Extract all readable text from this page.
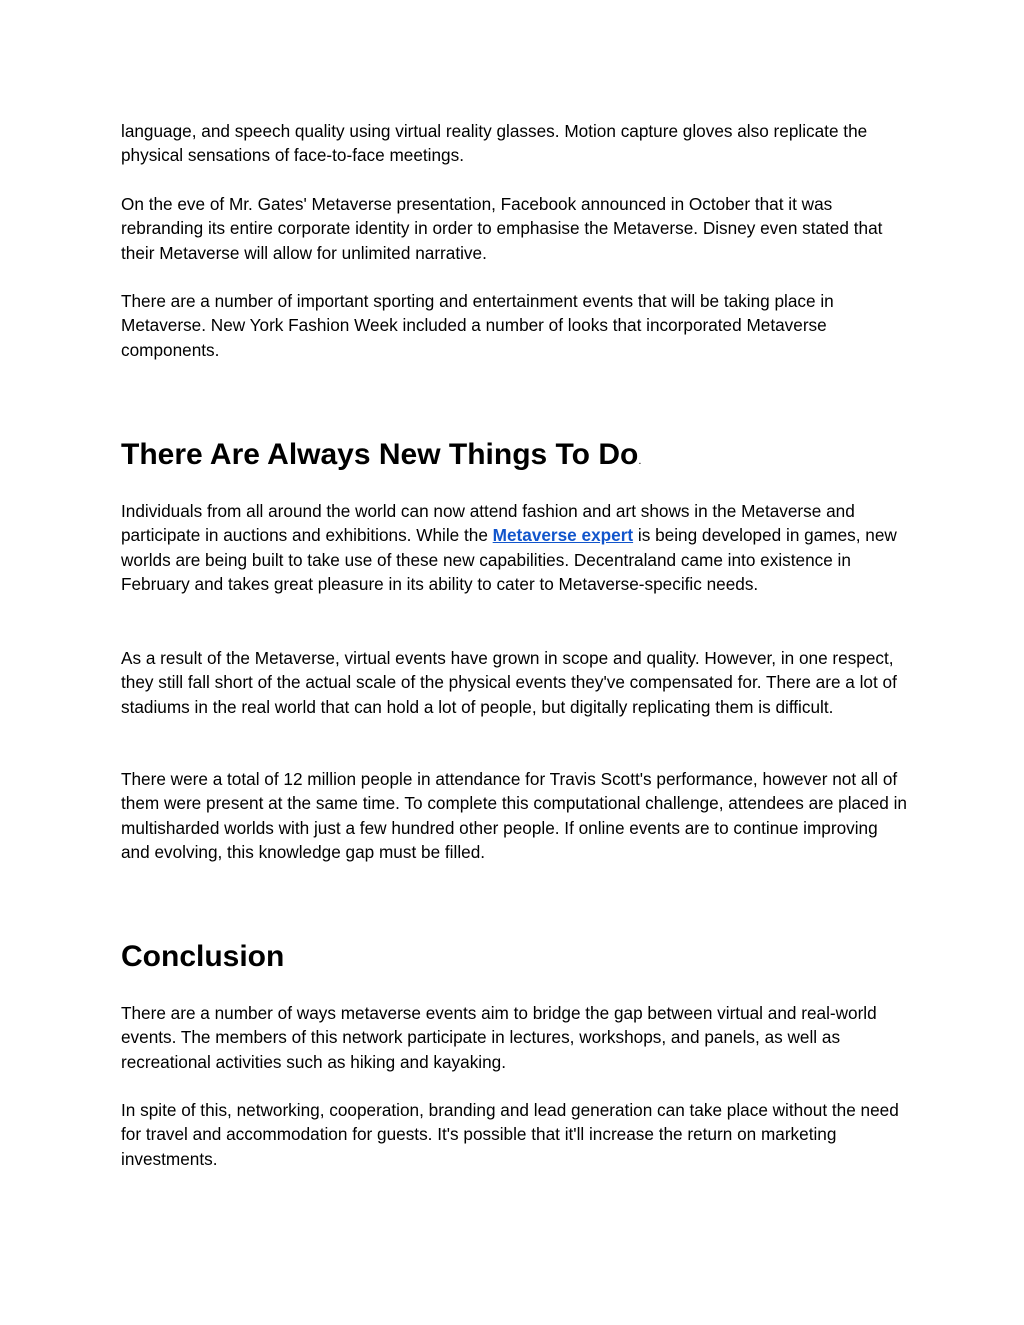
language, and speech quality using virtual reality glasses. Motion capture gloves also replicate the physical sensations of face-to-face meetings.

On the eve of Mr. Gates' Metaverse presentation, Facebook announced in October that it was rebranding its entire corporate identity in order to emphasise the Metaverse. Disney even stated that their Metaverse will allow for unlimited narrative.

There are a number of important sporting and entertainment events that will be taking place in Metaverse. New York Fashion Week included a number of looks that incorporated Metaverse components.

There Are Always New Things To Do.

Individuals from all around the world can now attend fashion and art shows in the Metaverse and participate in auctions and exhibitions. While the Metaverse expert is being developed in games, new worlds are being built to take use of these new capabilities. Decentraland came into existence in February and takes great pleasure in its ability to cater to Metaverse-specific needs.

As a result of the Metaverse, virtual events have grown in scope and quality. However, in one respect, they still fall short of the actual scale of the physical events they've compensated for. There are a lot of stadiums in the real world that can hold a lot of people, but digitally replicating them is difficult.

There were a total of 12 million people in attendance for Travis Scott's performance, however not all of them were present at the same time. To complete this computational challenge, attendees are placed in multisharded worlds with just a few hundred other people. If online events are to continue improving and evolving, this knowledge gap must be filled.

Conclusion

There are a number of ways metaverse events aim to bridge the gap between virtual and real-world events. The members of this network participate in lectures, workshops, and panels, as well as recreational activities such as hiking and kayaking.

In spite of this, networking, cooperation, branding and lead generation can take place without the need for travel and accommodation for guests. It's possible that it'll increase the return on marketing investments.
